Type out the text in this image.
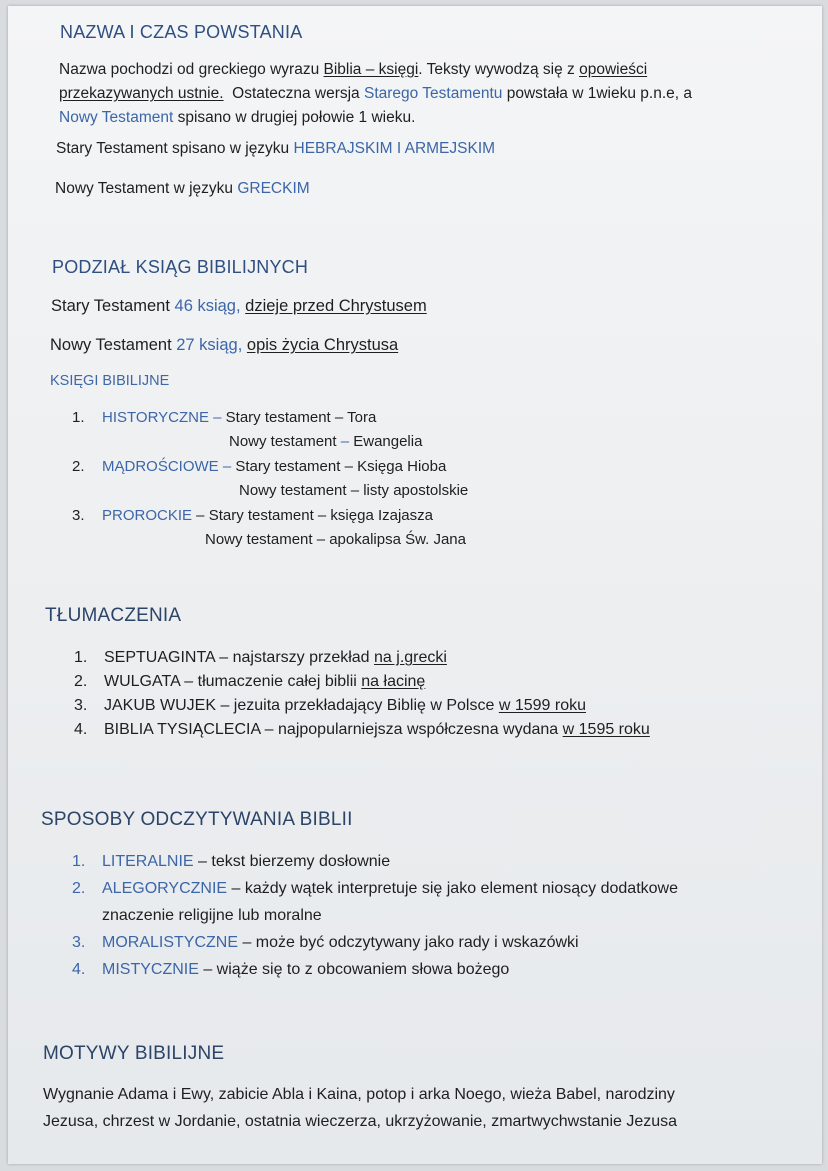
NAZWA I CZAS POWSTANIA
Nazwa pochodzi od greckiego wyrazu Biblia – księgi. Teksty wywodzą się z opowieści
przekazywanych ustnie.  Ostateczna wersja Starego Testamentu powstała w 1wieku p.n.e, a
Nowy Testament spisano w drugiej połowie 1 wieku.
Stary Testament spisano w języku HEBRAJSKIM I ARMEJSKIM
Nowy Testament w języku GRECKIM
PODZIAŁ KSIĄG BIBILIJNYCH
Stary Testament 46 ksiąg, dzieje przed Chrystusem
Nowy Testament 27 ksiąg, opis życia Chrystusa
KSIĘGI BIBILIJNE
1. HISTORYCZNE – Stary testament – Tora
Nowy testament – Ewangelia
2. MĄDROŚCIOWE – Stary testament – Księga Hioba
Nowy testament – listy apostolskie
3. PROROCKIE – Stary testament – księga Izajasza
Nowy testament – apokalipsa Św. Jana
TŁUMACZENIA
1. SEPTUAGINTA – najstarszy przekład na j.grecki
2. WULGATA – tłumaczenie całej biblii na łacinę
3. JAKUB WUJEK – jezuita przekładający Biblię w Polsce w 1599 roku
4. BIBLIA TYSIĄCLECIA – najpopularniejsza współczesna wydana w 1595 roku
SPOSOBY ODCZYTYWANIA BIBLII
1. LITERALNIE – tekst bierzemy dosłownie
2. ALEGORYCZNIE – każdy wątek interpretuje się jako element niosący dodatkowe
znaczenie religijne lub moralne
3. MORALISTYCZNE – może być odczytywany jako rady i wskazówki
4. MISTYCZNIE – wiąże się to z obcowaniem słowa bożego
MOTYWY BIBILIJNE
Wygnanie Adama i Ewy, zabicie Abla i Kaina, potop i arka Noego, wieża Babel, narodziny
Jezusa, chrzest w Jordanie, ostatnia wieczerza, ukrzyżowanie, zmartwychwstanie Jezusa
